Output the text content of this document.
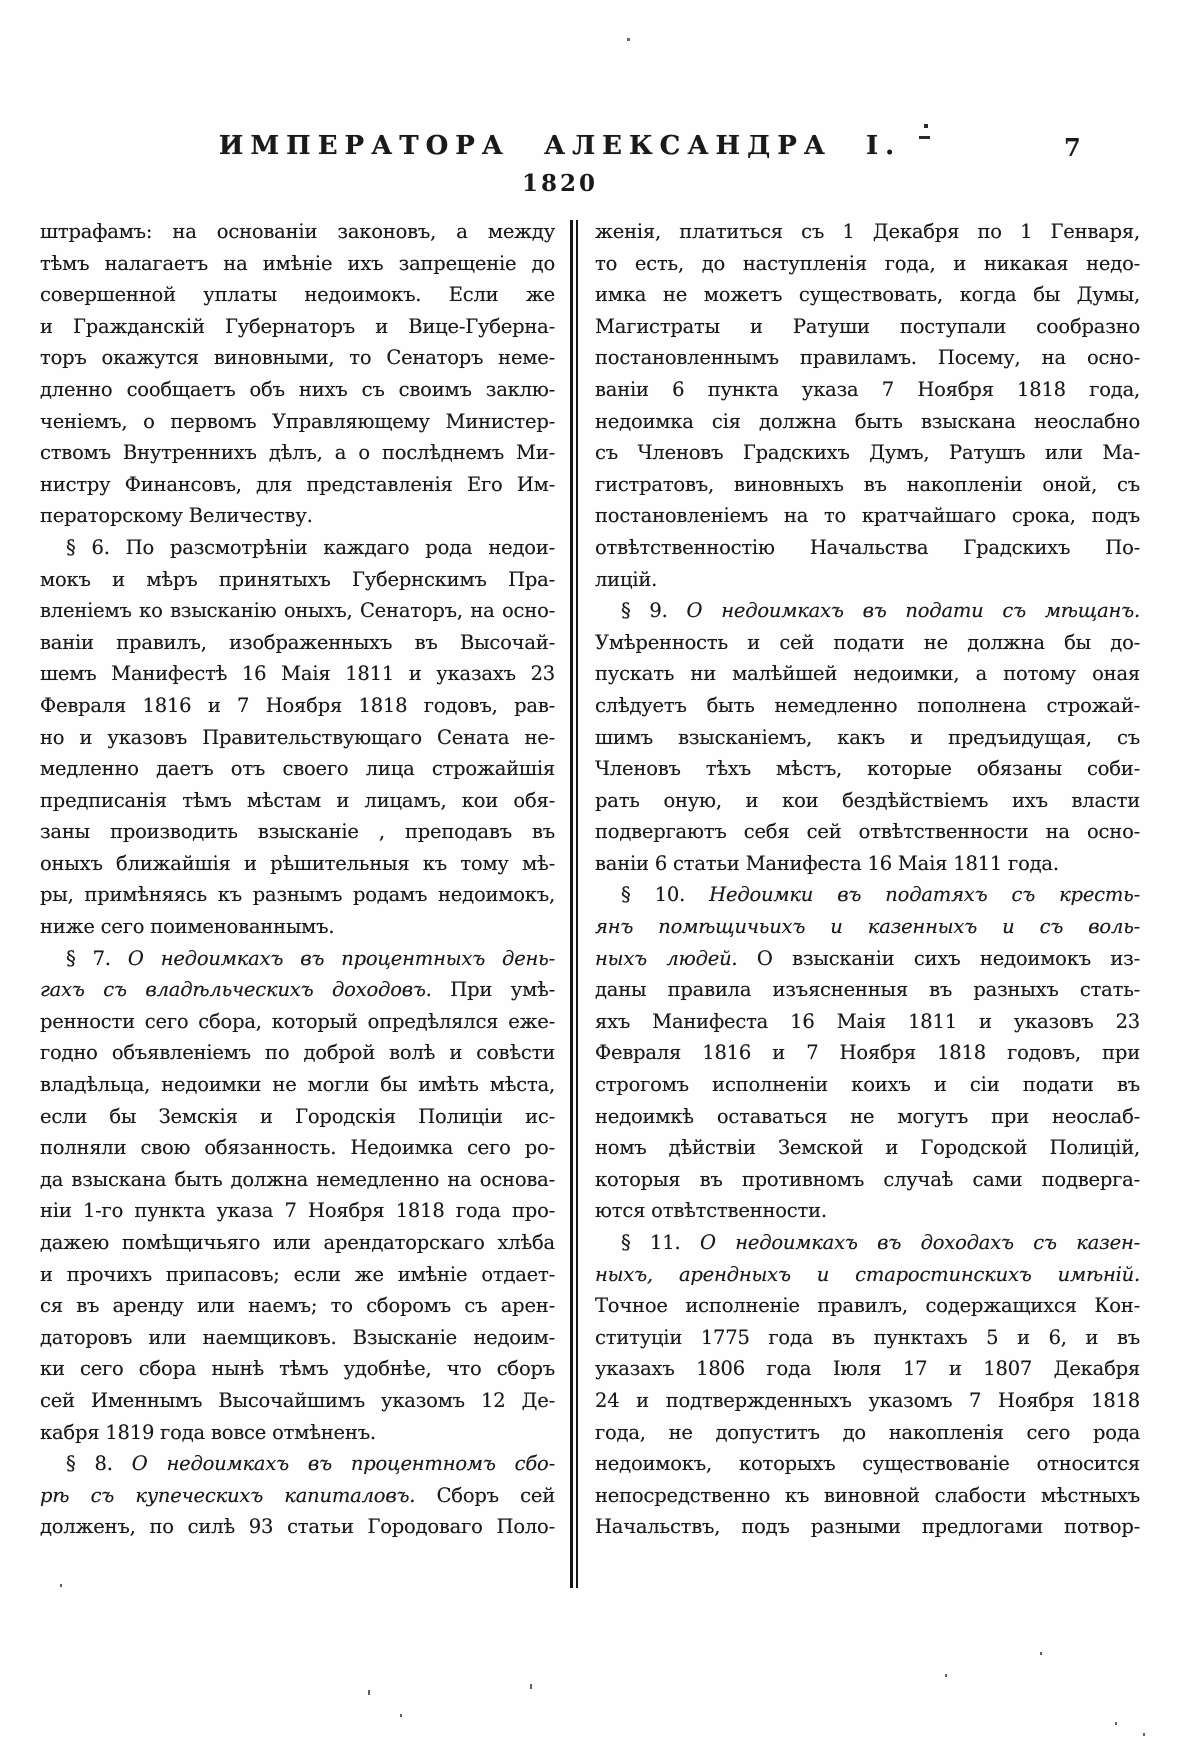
ИМПЕРАТОРА АЛЕКСАНДРА I.	7
1820
штрафамъ: на основаніи законовъ, а между
тѣмъ налагаетъ на имѣніе ихъ запрещеніе до
совершенной уплаты недоимокъ. Если же
и Гражданскій Губернаторъ и Вице-Губерна-
торъ окажутся виновными, то Сенаторъ неме-
дленно сообщаетъ объ нихъ съ своимъ заклю-
ченіемъ, о первомъ Управляющему Министер-
ствомъ Внутреннихъ дѣлъ, а о послѣднемъ Ми-
нистру Финансовъ, для представленія Его Им-
ператорскому Величеству.
§ 6. По разсмотрѣніи каждаго рода недои-
мокъ и мѣръ принятыхъ Губернскимъ Пра-
вленіемъ ко взысканію оныхъ, Сенаторъ, на осно-
ваніи правилъ, изображенныхъ въ Высочай-
шемъ Манифестѣ 16 Маія 1811 и указахъ 23
Февраля 1816 и 7 Ноября 1818 годовъ, рав-
но и указовъ Правительствующаго Сената не-
медленно даетъ отъ своего лица строжайшія
предписанія тѣмъ мѣстам и лицамъ, кои обя-
заны производить взысканіе , преподавъ въ
оныхъ ближайшія и рѣшительныя къ тому мѣ-
ры, примѣняясь къ разнымъ родамъ недоимокъ,
ниже сего поименованнымъ.
§ 7. О недоимкахъ въ процентныхъ день-
гахъ съ владѣльческихъ доходовъ. При умѣ-
ренности сего сбора, который опредѣлялся еже-
годно объявленіемъ по доброй волѣ и совѣсти
владѣльца, недоимки не могли бы имѣть мѣста,
если бы Земскія и Городскія Полиціи ис-
полняли свою обязанность. Недоимка сего ро-
да взыскана быть должна немедленно на основа-
ніи 1-го пункта указа 7 Ноября 1818 года про-
дажею помѣщичьяго или арендаторскаго хлѣба
и прочихъ припасовъ; если же имѣніе отдает-
ся въ аренду или наемъ; то сборомъ съ арен-
даторовъ или наемщиковъ. Взысканіе недоим-
ки сего сбора нынѣ тѣмъ удобнѣе, что сборъ
сей Именнымъ Высочайшимъ указомъ 12 Де-
кабря 1819 года вовсе отмѣненъ.
§ 8. О недоимкахъ въ процентномъ сбо-
рѣ съ купеческихъ капиталовъ. Сборъ сей
долженъ, по силѣ 93 статьи Городоваго Поло-
женія, платиться съ 1 Декабря по 1 Генваря,
то есть, до наступленія года, и никакая недо-
имка не можетъ существовать, когда бы Думы,
Магистраты и Ратуши поступали сообразно
постановленнымъ правиламъ. Посему, на осно-
ваніи 6 пункта указа 7 Ноября 1818 года,
недоимка сія должна быть взыскана неослабно
съ Членовъ Градскихъ Думъ, Ратушъ или Ма-
гистратовъ, виновныхъ въ накопленіи оной, съ
постановленіемъ на то кратчайшаго срока, подъ
отвѣтственностію Начальства Градскихъ По-
лицій.
§ 9. О недоимкахъ въ подати съ мѣщанъ.
Умѣренность и сей подати не должна бы до-
пускать ни малѣйшей недоимки, а потому оная
слѣдуетъ быть немедленно пополнена строжай-
шимъ взысканіемъ, какъ и предъидущая, съ
Членовъ тѣхъ мѣстъ, которые обязаны соби-
рать оную, и кои бездѣйствіемъ ихъ власти
подвергаютъ себя сей отвѣтственности на осно-
ваніи 6 статьи Манифеста 16 Маія 1811 года.
§ 10. Недоимки въ податяхъ съ кресть-
янъ помѣщичьихъ и казенныхъ и съ воль-
ныхъ людей. О взысканіи сихъ недоимокъ из-
даны правила изъясненныя въ разныхъ стать-
яхъ Манифеста 16 Маія 1811 и указовъ 23
Февраля 1816 и 7 Ноября 1818 годовъ, при
строгомъ исполненіи коихъ и сіи подати въ
недоимкѣ оставаться не могутъ при неослаб-
номъ дѣйствіи Земской и Городской Полицій,
которыя въ противномъ случаѣ сами подверга-
ются отвѣтственности.
§ 11. О недоимкахъ въ доходахъ съ казен-
ныхъ, арендныхъ и старостинскихъ имѣній.
Точное исполненіе правилъ, содержащихся Кон-
ституціи 1775 года въ пунктахъ 5 и 6, и въ
указахъ 1806 года Іюля 17 и 1807 Декабря
24 и подтвержденныхъ указомъ 7 Ноября 1818
года, не допуститъ до накопленія сего рода
недоимокъ, которыхъ существованіе относится
непосредственно къ виновной слабости мѣстныхъ
Начальствъ, подъ разными предлогами потвор-
